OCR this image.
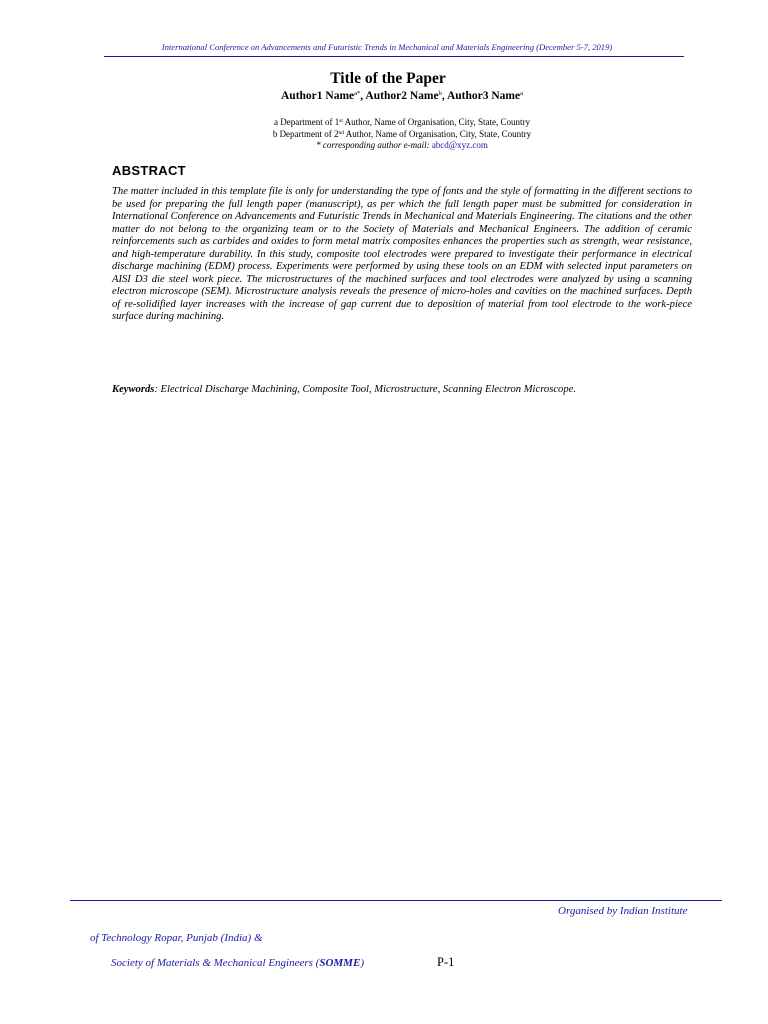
International Conference on Advancements and Futuristic Trends in Mechanical and Materials Engineering (December 5-7, 2019)
Title of the Paper
Author1 Name$^{a*}$, Author2 Name$^b$, Author3 Name$^a$
a Department of 1st Author, Name of Organisation, City, State, Country
b Department of 2nd Author, Name of Organisation, City, State, Country
* corresponding author e-mail: abcd@xyz.com
ABSTRACT
The matter included in this template file is only for understanding the type of fonts and the style of formatting in the different sections to be used for preparing the full length paper (manuscript), as per which the full length paper must be submitted for consideration in International Conference on Advancements and Futuristic Trends in Mechanical and Materials Engineering. The citations and the other matter do not belong to the organizing team or to the Society of Materials and Mechanical Engineers. The addition of ceramic reinforcements such as carbides and oxides to form metal matrix composites enhances the properties such as strength, wear resistance, and high-temperature durability. In this study, composite tool electrodes were prepared to investigate their performance in electrical discharge machining (EDM) process. Experiments were performed by using these tools on an EDM with selected input parameters on AISI D3 die steel work piece. The microstructures of the machined surfaces and tool electrodes were analyzed by using a scanning electron microscope (SEM). Microstructure analysis reveals the presence of micro-holes and cavities on the machined surfaces. Depth of re-solidified layer increases with the increase of gap current due to deposition of material from tool electrode to the work-piece surface during machining.
Keywords: Electrical Discharge Machining, Composite Tool, Microstructure, Scanning Electron Microscope.
Organised by Indian Institute
of Technology Ropar, Punjab (India) &
Society of Materials & Mechanical Engineers (SOMME)	P-1
